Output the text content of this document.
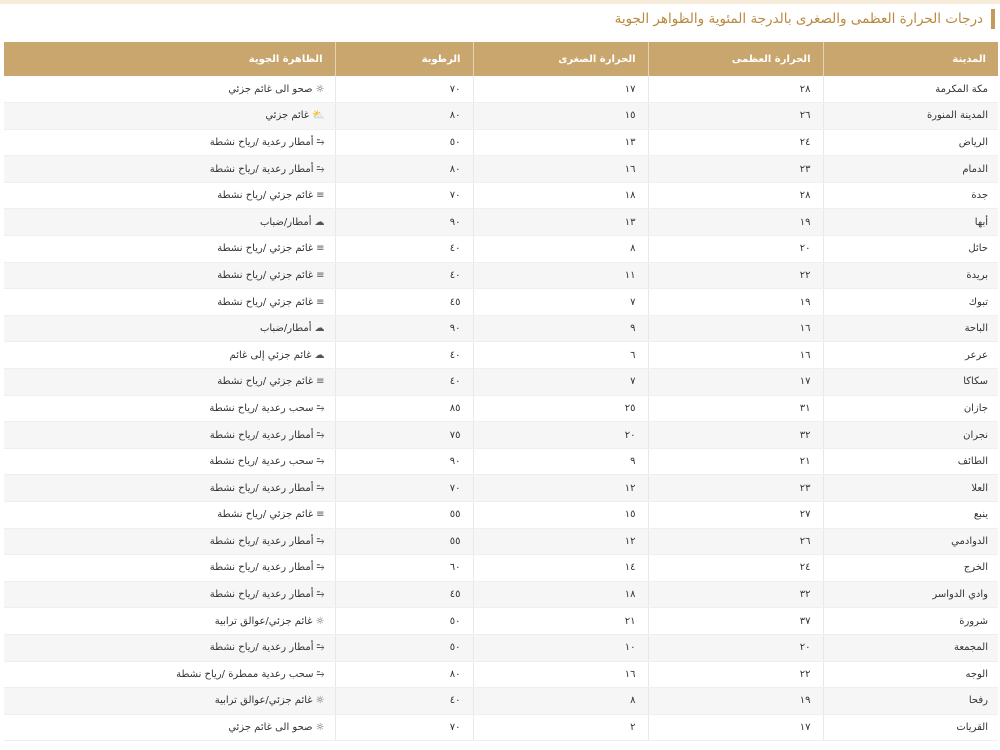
درجات الحرارة العظمى والصغرى بالدرجة المئوية والظواهر الجوية
المدينة	الحرارة العظمى	الحرارة الصغرى	الرطوبة	الظاهرة الجوية
مكة المكرمة	٢٨	١٧	٧٠	☼صحو الى غائم جزئي
المدينة المنورة	٢٦	١٥	٨٠	⛅غائم جزئي
الرياض	٢٤	١٣	٥٠	⥲أمطار رعدية /رياح نشطة
الدمام	٢٣	١٦	٨٠	⥲أمطار رعدية /رياح نشطة
جدة	٢٨	١٨	٧٠	≡غائم جزئي /رياح نشطة
أبها	١٩	١٣	٩٠	☁أمطار/ضباب
حائل	٢٠	٨	٤٠	≡غائم جزئي /رياح نشطة
بريدة	٢٢	١١	٤٠	≡غائم جزئي /رياح نشطة
تبوك	١٩	٧	٤٥	≡غائم جزئي /رياح نشطة
الباحة	١٦	٩	٩٠	☁أمطار/ضباب
عرعر	١٦	٦	٤٠	☁غائم جزئي إلى غائم
سكاكا	١٧	٧	٤٠	≡غائم جزئي /رياح نشطة
جازان	٣١	٢٥	٨٥	⥲سحب رعدية /رياح نشطة
نجران	٣٢	٢٠	٧٥	⥲أمطار رعدية /رياح نشطة
الطائف	٢١	٩	٩٠	⥲سحب رعدية /رياح نشطة
العلا	٢٣	١٢	٧٠	⥲أمطار رعدية /رياح نشطة
ينبع	٢٧	١٥	٥٥	≡غائم جزئي /رياح نشطة
الدوادمي	٢٦	١٢	٥٥	⥲أمطار رعدية /رياح نشطة
الخرج	٢٤	١٤	٦٠	⥲أمطار رعدية /رياح نشطة
وادي الدواسر	٣٢	١٨	٤٥	⥲أمطار رعدية /رياح نشطة
شرورة	٣٧	٢١	٥٠	☼غائم جزئي/عوالق ترابية
المجمعة	٢٠	١٠	٥٠	⥲أمطار رعدية /رياح نشطة
الوجه	٢٢	١٦	٨٠	⥲سحب رعدية ممطرة /رياح نشطة
رفحا	١٩	٨	٤٠	☼غائم جزئي/عوالق ترابية
القريات	١٧	٢	٧٠	☼صحو الى غائم جزئي
